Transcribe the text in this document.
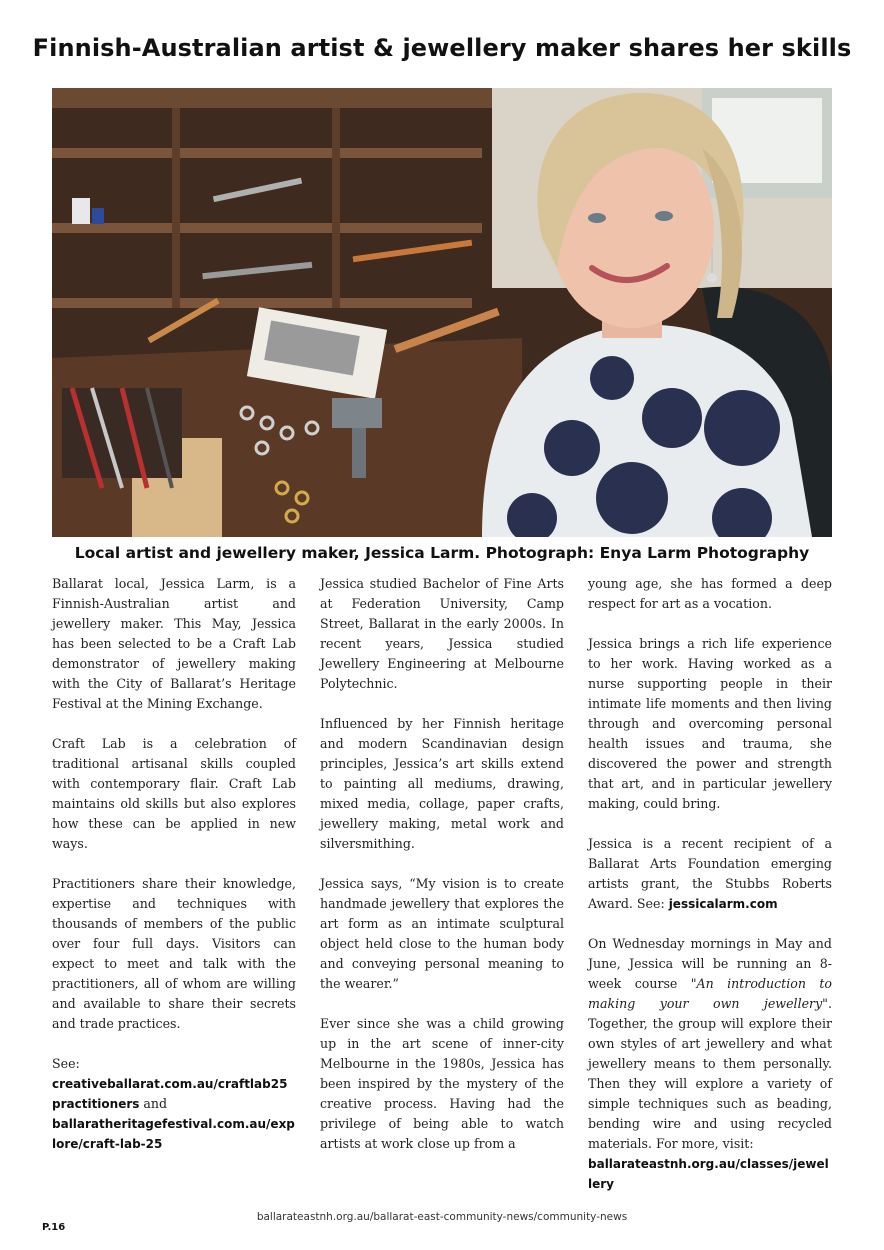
Finnish-Australian artist & jewellery maker shares her skills
Local artist and jewellery maker, Jessica Larm. Photograph: Enya Larm Photography

Ballarat local, Jessica Larm, is a Finnish-Australian artist and jewellery maker. This May, Jessica has been selected to be a Craft Lab demonstrator of jewellery making with the City of Ballarat’s Heritage Festival at the Mining Exchange.

Craft Lab is a celebration of traditional artisanal skills coupled with contemporary flair. Craft Lab maintains old skills but also explores how these can be applied in new ways.

Practitioners share their knowledge, expertise and techniques with thousands of members of the public over four full days. Visitors can expect to meet and talk with the practitioners, all of whom are willing and available to share their secrets and trade practices.

See:
creativeballarat.com.au/craftlab25practitioners and
ballaratheritagefestival.com.au/explore/craft-lab-25

Jessica studied Bachelor of Fine Arts at Federation University, Camp Street, Ballarat in the early 2000s. In recent years, Jessica studied Jewellery Engineering at Melbourne Polytechnic.

Influenced by her Finnish heritage and modern Scandinavian design principles, Jessica’s art skills extend to painting all mediums, drawing, mixed media, collage, paper crafts, jewellery making, metal work and silversmithing.

Jessica says, “My vision is to create handmade jewellery that explores the art form as an intimate sculptural object held close to the human body and conveying personal meaning to the wearer.”

Ever since she was a child growing up in the art scene of inner-city Melbourne in the 1980s, Jessica has been inspired by the mystery of the creative process. Having had the privilege of being able to watch artists at work close up from a

young age, she has formed a deep respect for art as a vocation.

Jessica brings a rich life experience to her work. Having worked as a nurse supporting people in their intimate life moments and then living through and overcoming personal health issues and trauma, she discovered the power and strength that art, and in particular jewellery making, could bring.

Jessica is a recent recipient of a Ballarat Arts Foundation emerging artists grant, the Stubbs Roberts Award. See: jessicalarm.com

On Wednesday mornings in May and June, Jessica will be running an 8-week course "An introduction to making your own jewellery". Together, the group will explore their own styles of art jewellery and what jewellery means to them personally. Then they will explore a variety of simple techniques such as beading, bending wire and using recycled materials. For more, visit:
ballarateastnh.org.au/classes/jewellery

ballarateastnh.org.au/ballarat-east-community-news/community-news
P.16
